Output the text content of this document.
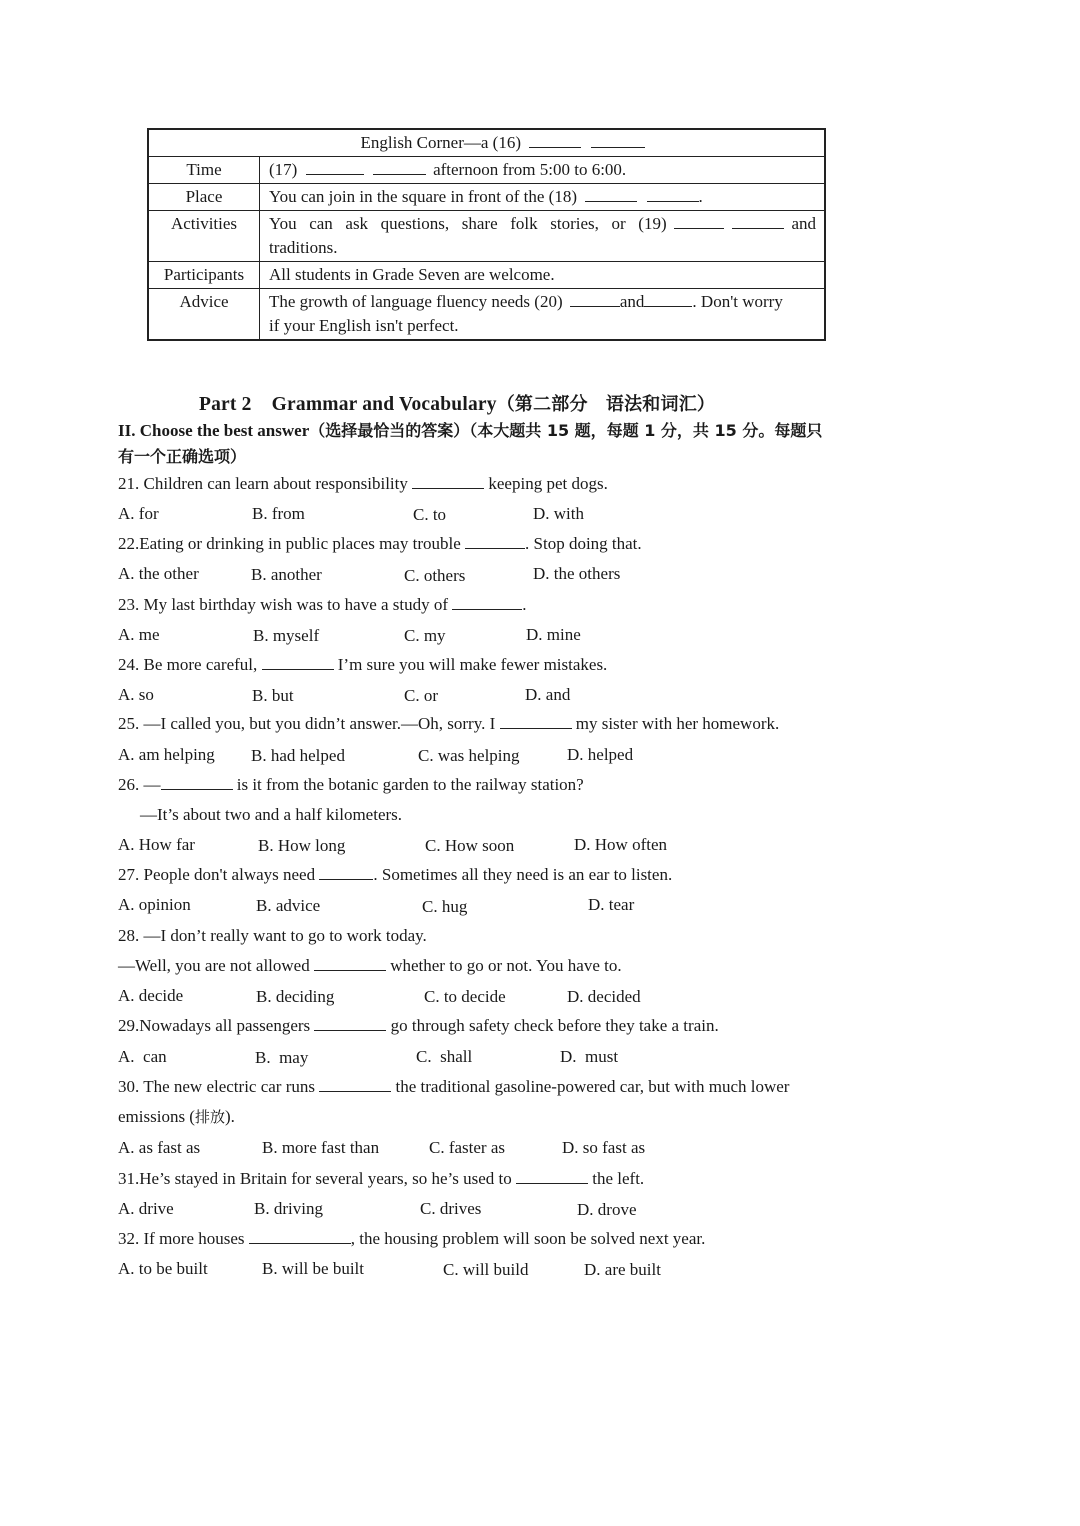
English Corner—a (16)	
Time	(17) afternoon from 5:00 to 6:00.
Place	You can join in the square in front of the (18) .
Activities	You can ask questions, share folk stories, or (19) and
traditions.
Participants	All students in Grade Seven are welcome.
Advice	The growth of language fluency needs (20) and . Don't worry
if your English isn't perfect.
Part 2 Grammar and Vocabulary（第二部分　语法和词汇）
II. Choose the best answer（选择最恰当的答案）（本大题共 15 题，每题 1 分，共 15 分。每题只有一个正确选项）
21. Children can learn about responsibility	keeping pet dogs.
A. for	B. from	C. to	D. with
22.Eating or drinking in public places may trouble	. Stop doing that.
A. the other	B. another	C. others	D. the others
23. My last birthday wish was to have a study of	.
A. me	B. myself	C. my	D. mine
24. Be more careful,	I’m sure you will make fewer mistakes.
A. so	B. but	C. or	D. and
25. —I called you, but you didn’t answer.—Oh, sorry. I	my sister with her homework.
A. am helping B. had helped	C. was helping	D. helped
26. —	is it from the botanic garden to the railway station?
—It’s about two and a half kilometers.
A. How far	B. How long	C. How soon	D. How often
27. People don't always need	. Sometimes all they need is an ear to listen.
A. opinion	B. advice	C. hug	D. tear
28. —I don’t really want to go to work today.
—Well, you are not allowed	whether to go or not. You have to.
A. decide	B. deciding	C. to decide	D. decided
29.Nowadays all passengers	go through safety check before they take a train.
A.  can	B.  may	C.  shall	D.  must
30. The new electric car runs	the traditional gasoline-powered car, but with much lower
emissions (排放).
A. as fast as	B. more fast than	C. faster as	D. so fast as
31.He’s stayed in Britain for several years, so he’s used to	the left.
A. drive	B. driving	C. drives	D. drove
32. If more houses	, the housing problem will soon be solved next year.
A. to be built	B. will be built	C. will build	D. are built
